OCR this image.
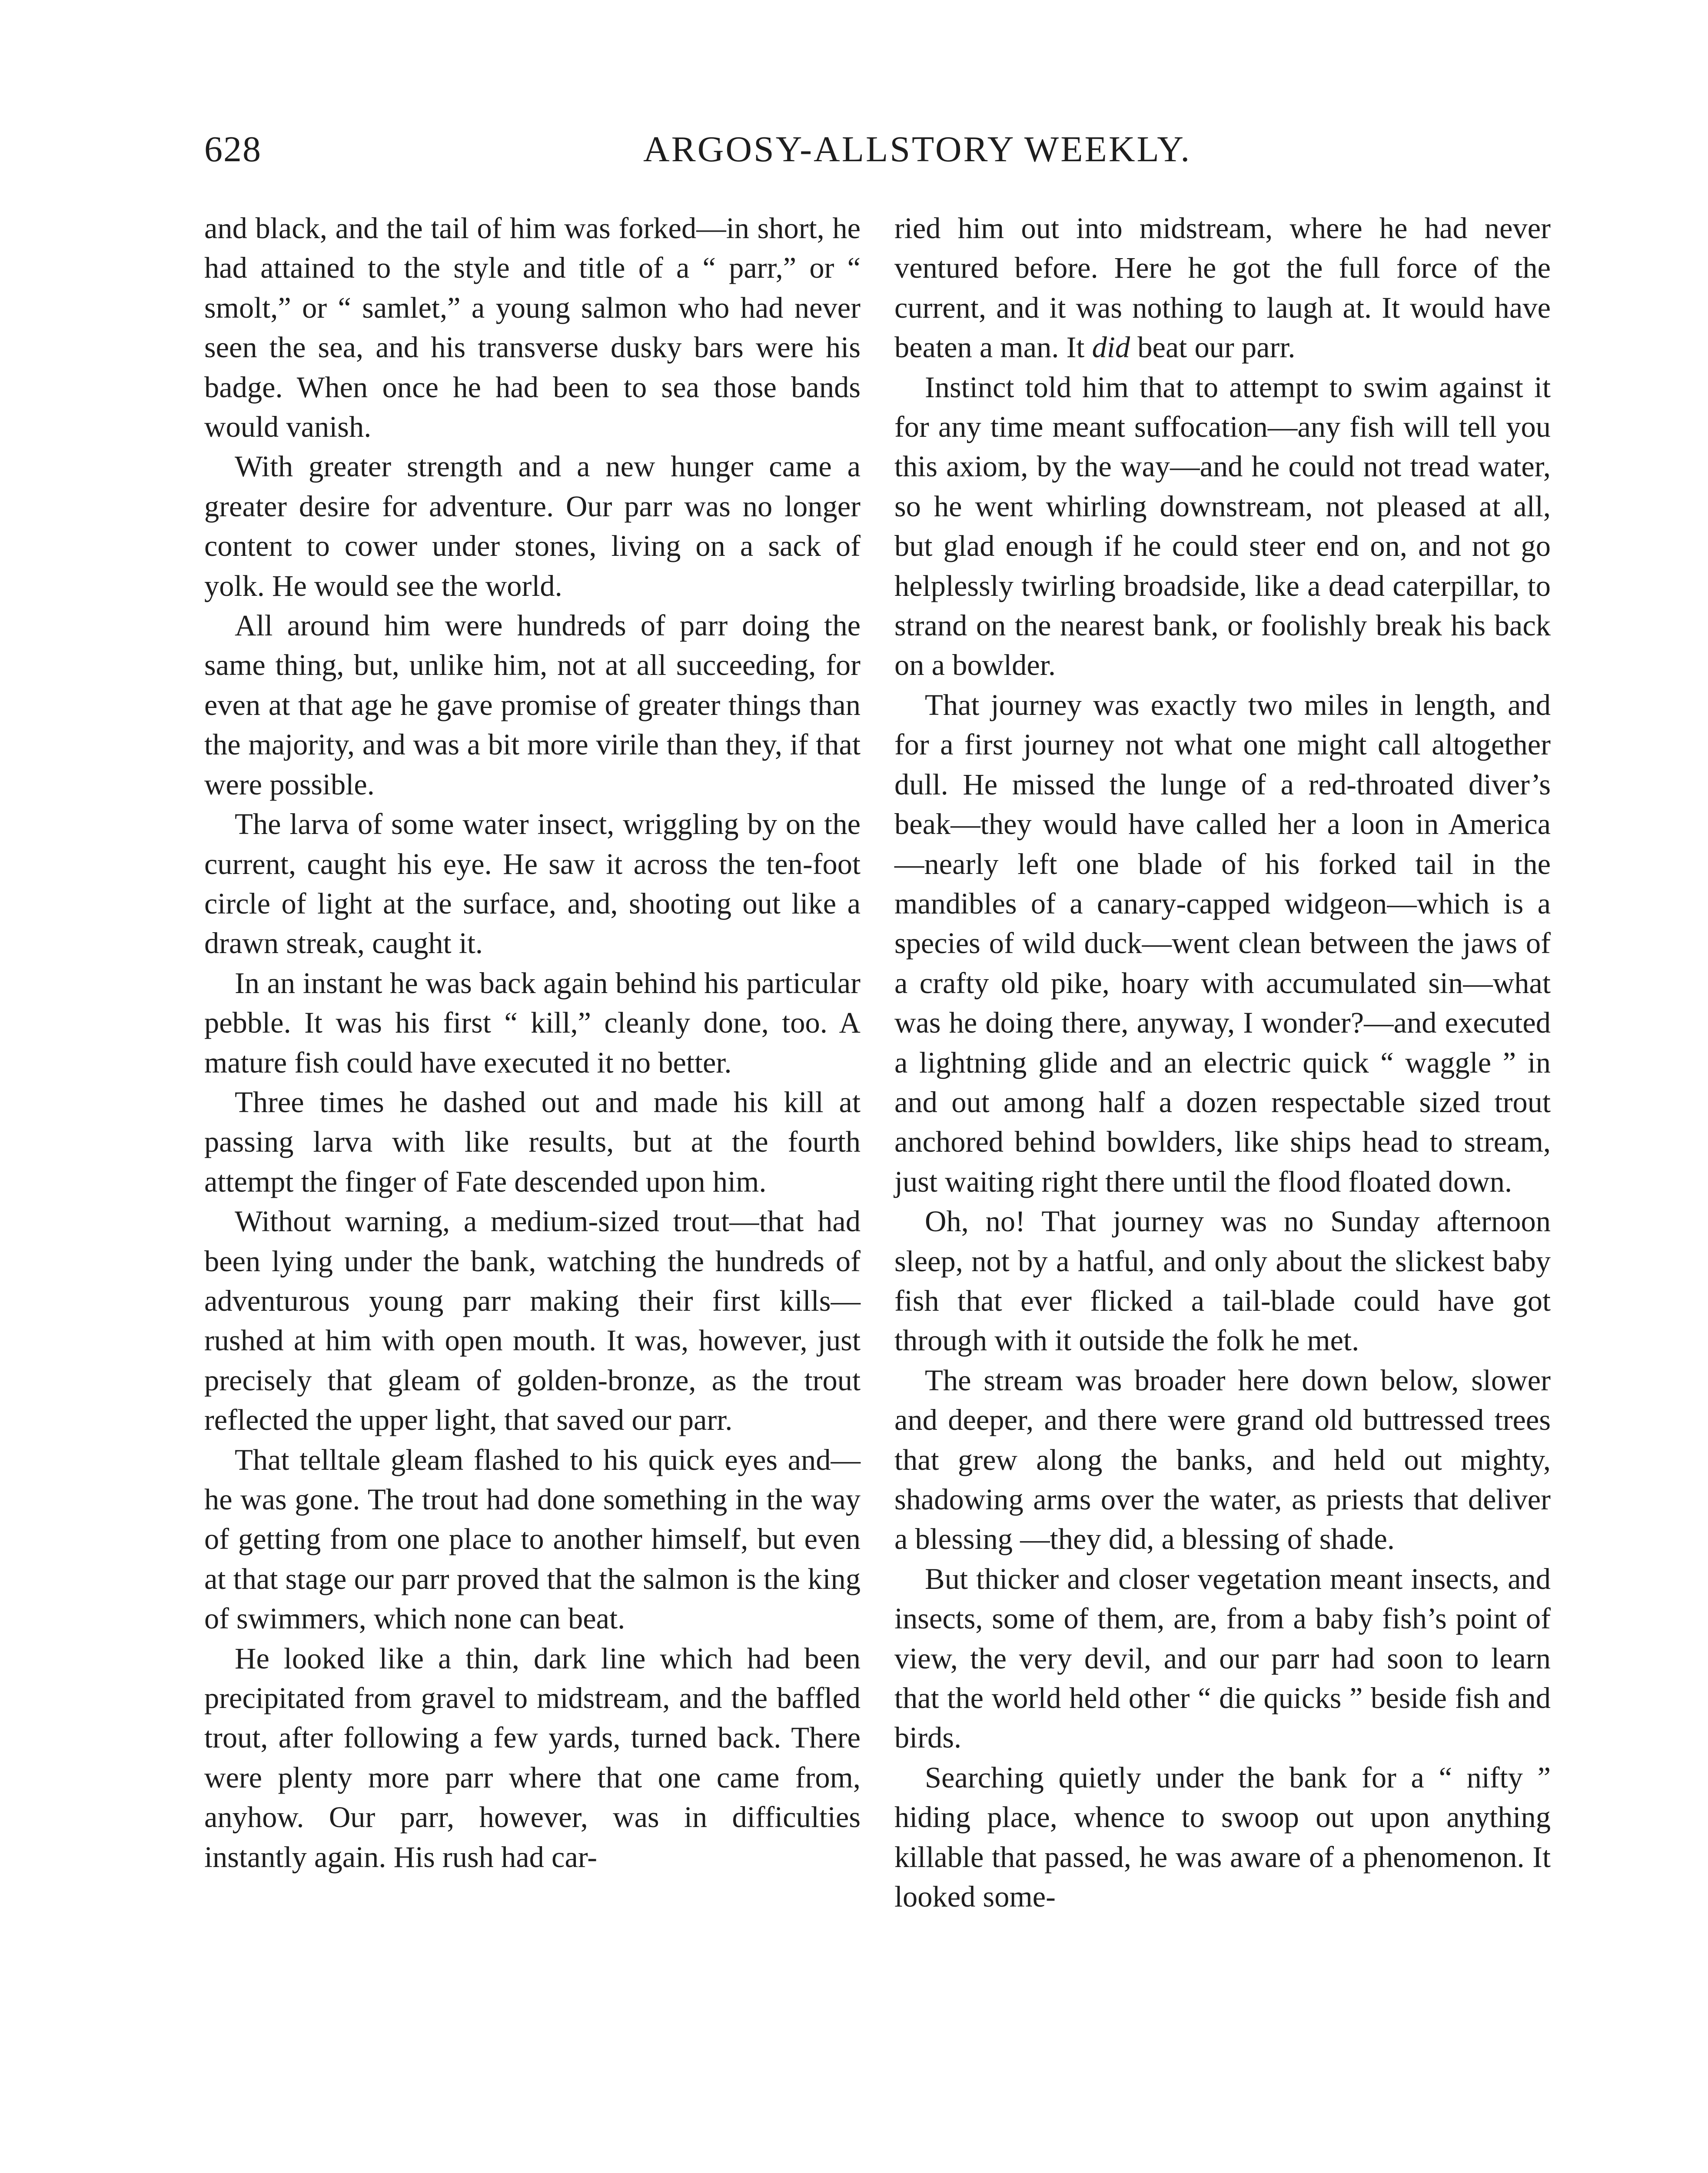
628	ARGOSY-ALLSTORY WEEKLY.

and black, and the tail of him was forked—in short, he had attained to the style and title of a “ parr,” or “ smolt,” or “ samlet,” a young salmon who had never seen the sea, and his transverse dusky bars were his badge. When once he had been to sea those bands would vanish.

With greater strength and a new hunger came a greater desire for adventure. Our parr was no longer content to cower under stones, living on a sack of yolk. He would see the world.

All around him were hundreds of parr doing the same thing, but, unlike him, not at all succeeding, for even at that age he gave promise of greater things than the majority, and was a bit more virile than they, if that were possible.

The larva of some water insect, wriggling by on the current, caught his eye. He saw it across the ten-foot circle of light at the surface, and, shooting out like a drawn streak, caught it.

In an instant he was back again behind his particular pebble. It was his first “ kill,” cleanly done, too. A mature fish could have executed it no better.

Three times he dashed out and made his kill at passing larva with like results, but at the fourth attempt the finger of Fate descended upon him.

Without warning, a medium-sized trout—that had been lying under the bank, watching the hundreds of adventurous young parr making their first kills—rushed at him with open mouth. It was, however, just precisely that gleam of golden-bronze, as the trout reflected the upper light, that saved our parr.

That telltale gleam flashed to his quick eyes and—he was gone. The trout had done something in the way of getting from one place to another himself, but even at that stage our parr proved that the salmon is the king of swimmers, which none can beat.

He looked like a thin, dark line which had been precipitated from gravel to midstream, and the baffled trout, after following a few yards, turned back. There were plenty more parr where that one came from, anyhow. Our parr, however, was in difficulties instantly again. His rush had car-

ried him out into midstream, where he had never ventured before. Here he got the full force of the current, and it was nothing to laugh at. It would have beaten a man. It did beat our parr.

Instinct told him that to attempt to swim against it for any time meant suffocation—any fish will tell you this axiom, by the way—and he could not tread water, so he went whirling downstream, not pleased at all, but glad enough if he could steer end on, and not go helplessly twirling broadside, like a dead caterpillar, to strand on the nearest bank, or foolishly break his back on a bowlder.

That journey was exactly two miles in length, and for a first journey not what one might call altogether dull. He missed the lunge of a red-throated diver’s beak—they would have called her a loon in America—nearly left one blade of his forked tail in the mandibles of a canary-capped widgeon—which is a species of wild duck—went clean between the jaws of a crafty old pike, hoary with accumulated sin—what was he doing there, anyway, I wonder?—and executed a lightning glide and an electric quick “ waggle ” in and out among half a dozen respectable sized trout anchored behind bowlders, like ships head to stream, just waiting right there until the flood floated down.

Oh, no! That journey was no Sunday afternoon sleep, not by a hatful, and only about the slickest baby fish that ever flicked a tail-blade could have got through with it outside the folk he met.

The stream was broader here down below, slower and deeper, and there were grand old buttressed trees that grew along the banks, and held out mighty, shadowing arms over the water, as priests that deliver a blessing —they did, a blessing of shade.

But thicker and closer vegetation meant insects, and insects, some of them, are, from a baby fish’s point of view, the very devil, and our parr had soon to learn that the world held other “ die quicks ” beside fish and birds.

Searching quietly under the bank for a “ nifty ” hiding place, whence to swoop out upon anything killable that passed, he was aware of a phenomenon. It looked some-
